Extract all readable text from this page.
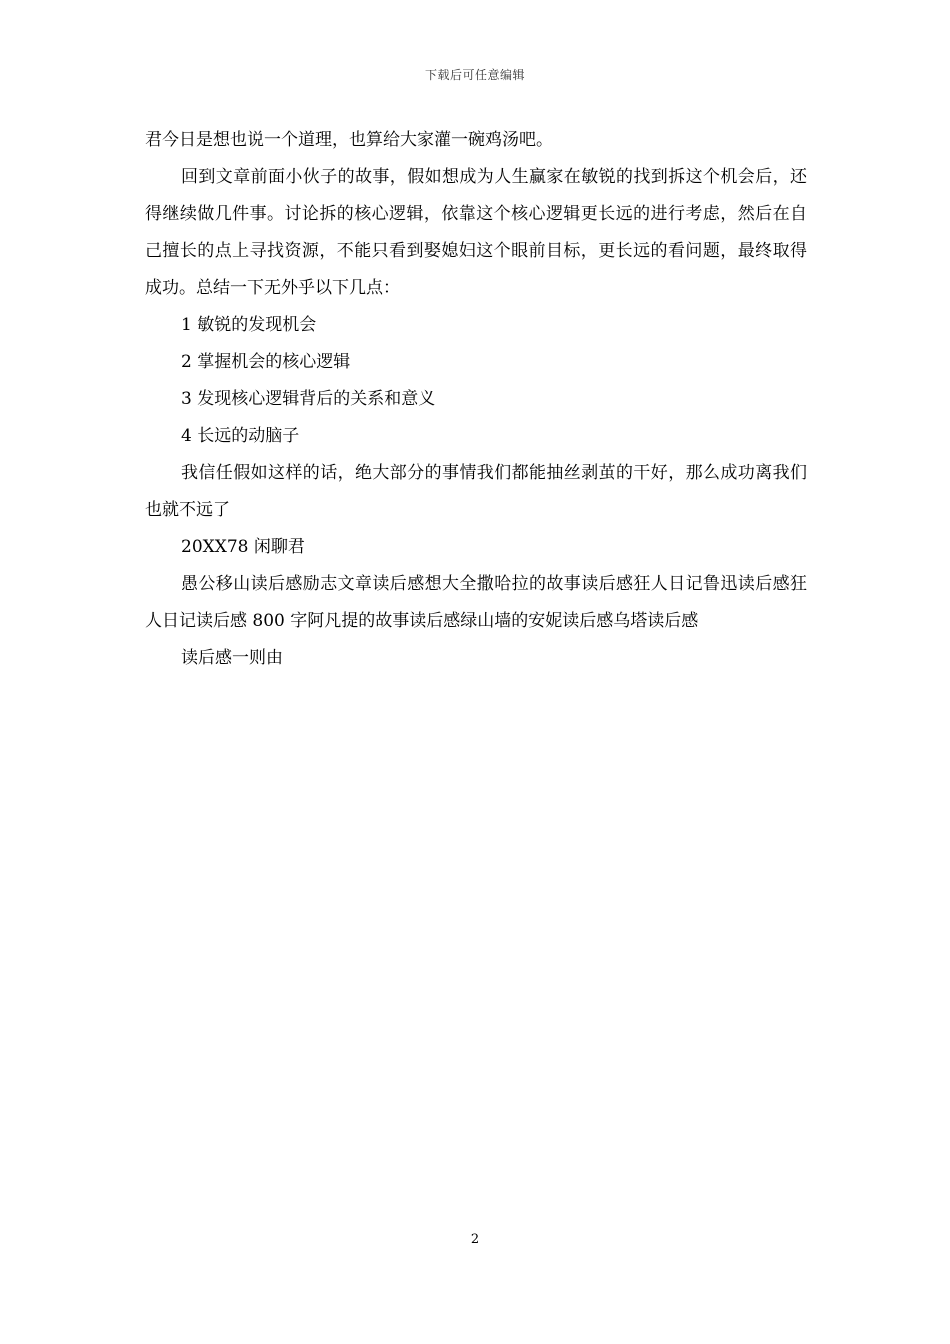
下载后可任意编辑

君今日是想也说一个道理，也算给大家灌一碗鸡汤吧。

回到文章前面小伙子的故事，假如想成为人生赢家在敏锐的找到拆这个机会后，还得继续做几件事。讨论拆的核心逻辑，依靠这个核心逻辑更长远的进行考虑，然后在自己擅长的点上寻找资源，不能只看到娶媳妇这个眼前目标，更长远的看问题，最终取得成功。总结一下无外乎以下几点：

1 敏锐的发现机会

2 掌握机会的核心逻辑

3 发现核心逻辑背后的关系和意义

4 长远的动脑子

我信任假如这样的话，绝大部分的事情我们都能抽丝剥茧的干好，那么成功离我们也就不远了

20XX78 闲聊君

愚公移山读后感励志文章读后感想大全撒哈拉的故事读后感狂人日记鲁迅读后感狂人日记读后感 800 字阿凡提的故事读后感绿山墙的安妮读后感乌塔读后感

读后感一则由

2
